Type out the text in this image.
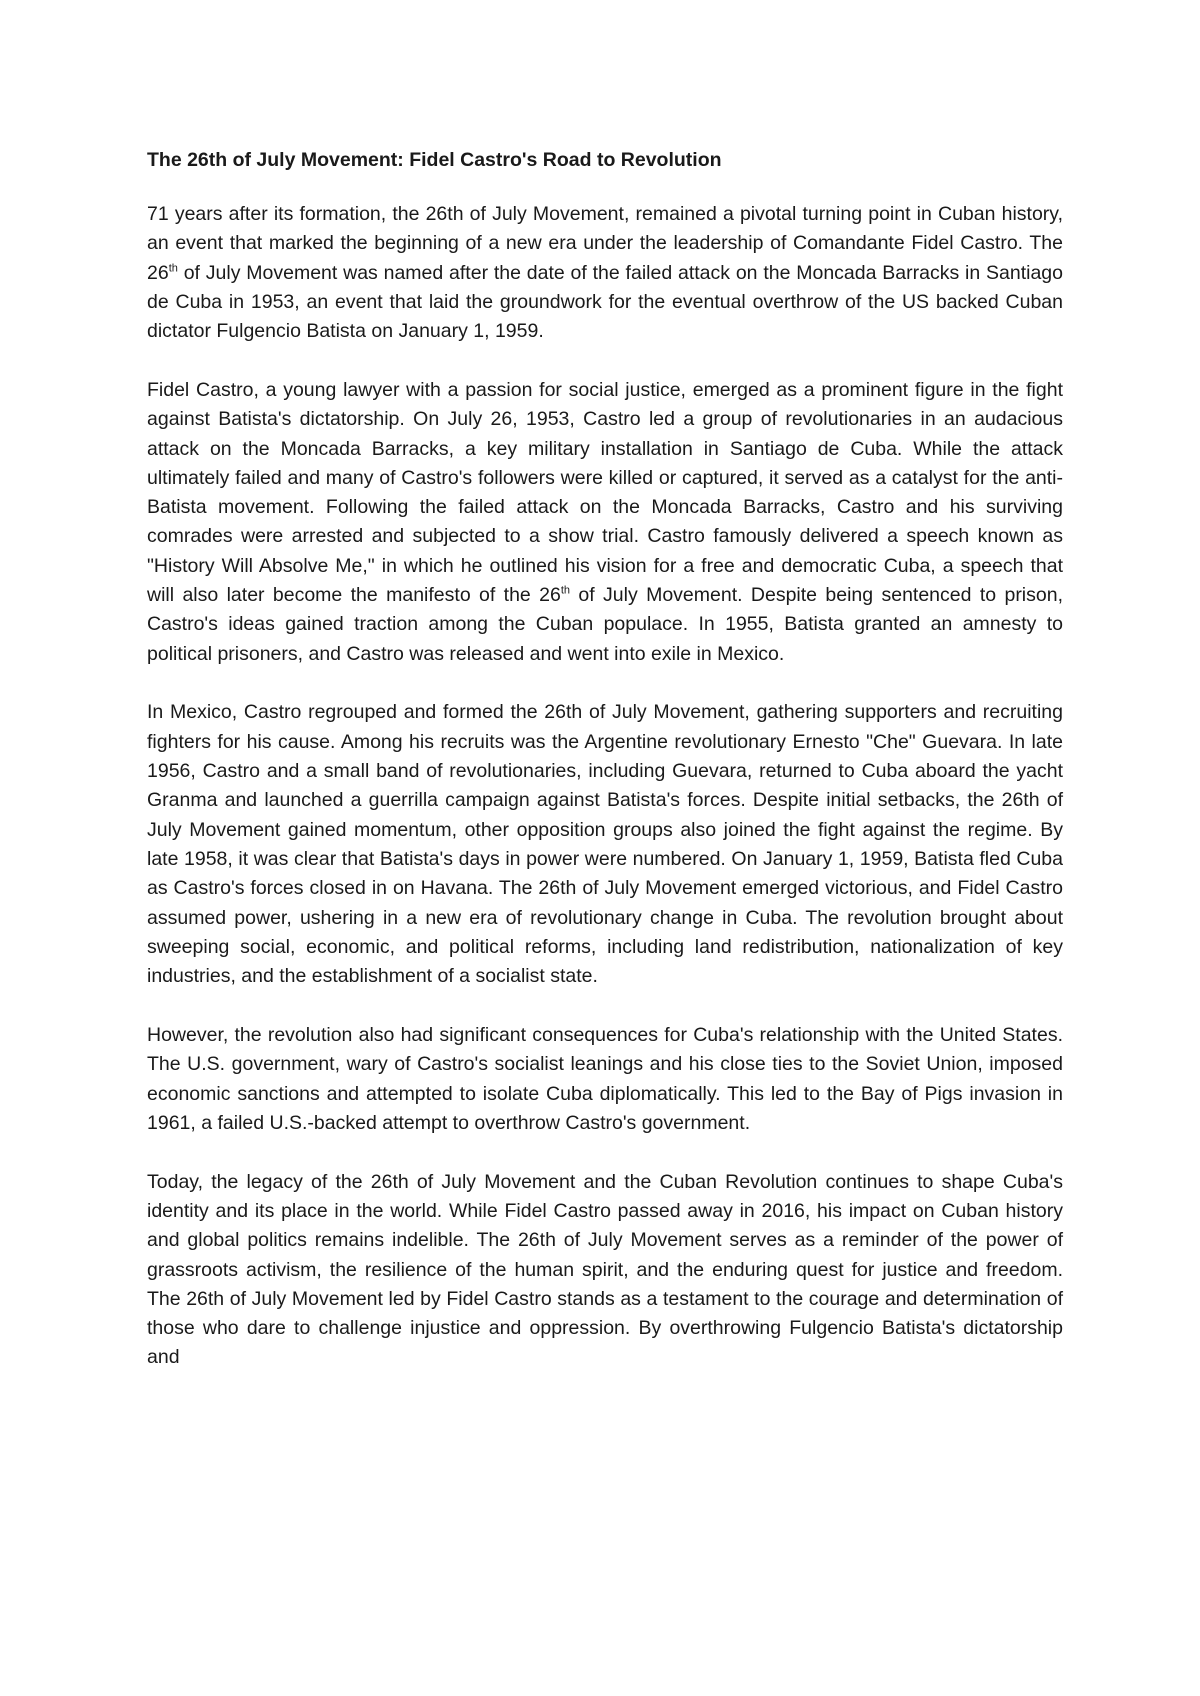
The 26th of July Movement: Fidel Castro's Road to Revolution

71 years after its formation, the 26th of July Movement, remained a pivotal turning point in Cuban history, an event that marked the beginning of a new era under the leadership of Comandante Fidel Castro. The 26th of July Movement was named after the date of the failed attack on the Moncada Barracks in Santiago de Cuba in 1953, an event that laid the groundwork for the eventual overthrow of the US backed Cuban dictator Fulgencio Batista on January 1, 1959.

Fidel Castro, a young lawyer with a passion for social justice, emerged as a prominent figure in the fight against Batista's dictatorship. On July 26, 1953, Castro led a group of revolutionaries in an audacious attack on the Moncada Barracks, a key military installation in Santiago de Cuba. While the attack ultimately failed and many of Castro's followers were killed or captured, it served as a catalyst for the anti-Batista movement. Following the failed attack on the Moncada Barracks, Castro and his surviving comrades were arrested and subjected to a show trial. Castro famously delivered a speech known as "History Will Absolve Me," in which he outlined his vision for a free and democratic Cuba, a speech that will also later become the manifesto of the 26th of July Movement. Despite being sentenced to prison, Castro's ideas gained traction among the Cuban populace. In 1955, Batista granted an amnesty to political prisoners, and Castro was released and went into exile in Mexico.

In Mexico, Castro regrouped and formed the 26th of July Movement, gathering supporters and recruiting fighters for his cause. Among his recruits was the Argentine revolutionary Ernesto "Che" Guevara. In late 1956, Castro and a small band of revolutionaries, including Guevara, returned to Cuba aboard the yacht Granma and launched a guerrilla campaign against Batista's forces. Despite initial setbacks, the 26th of July Movement gained momentum, other opposition groups also joined the fight against the regime. By late 1958, it was clear that Batista's days in power were numbered. On January 1, 1959, Batista fled Cuba as Castro's forces closed in on Havana. The 26th of July Movement emerged victorious, and Fidel Castro assumed power, ushering in a new era of revolutionary change in Cuba. The revolution brought about sweeping social, economic, and political reforms, including land redistribution, nationalization of key industries, and the establishment of a socialist state.

However, the revolution also had significant consequences for Cuba's relationship with the United States. The U.S. government, wary of Castro's socialist leanings and his close ties to the Soviet Union, imposed economic sanctions and attempted to isolate Cuba diplomatically. This led to the Bay of Pigs invasion in 1961, a failed U.S.-backed attempt to overthrow Castro's government.

Today, the legacy of the 26th of July Movement and the Cuban Revolution continues to shape Cuba's identity and its place in the world. While Fidel Castro passed away in 2016, his impact on Cuban history and global politics remains indelible. The 26th of July Movement serves as a reminder of the power of grassroots activism, the resilience of the human spirit, and the enduring quest for justice and freedom. The 26th of July Movement led by Fidel Castro stands as a testament to the courage and determination of those who dare to challenge injustice and oppression. By overthrowing Fulgencio Batista's dictatorship and
